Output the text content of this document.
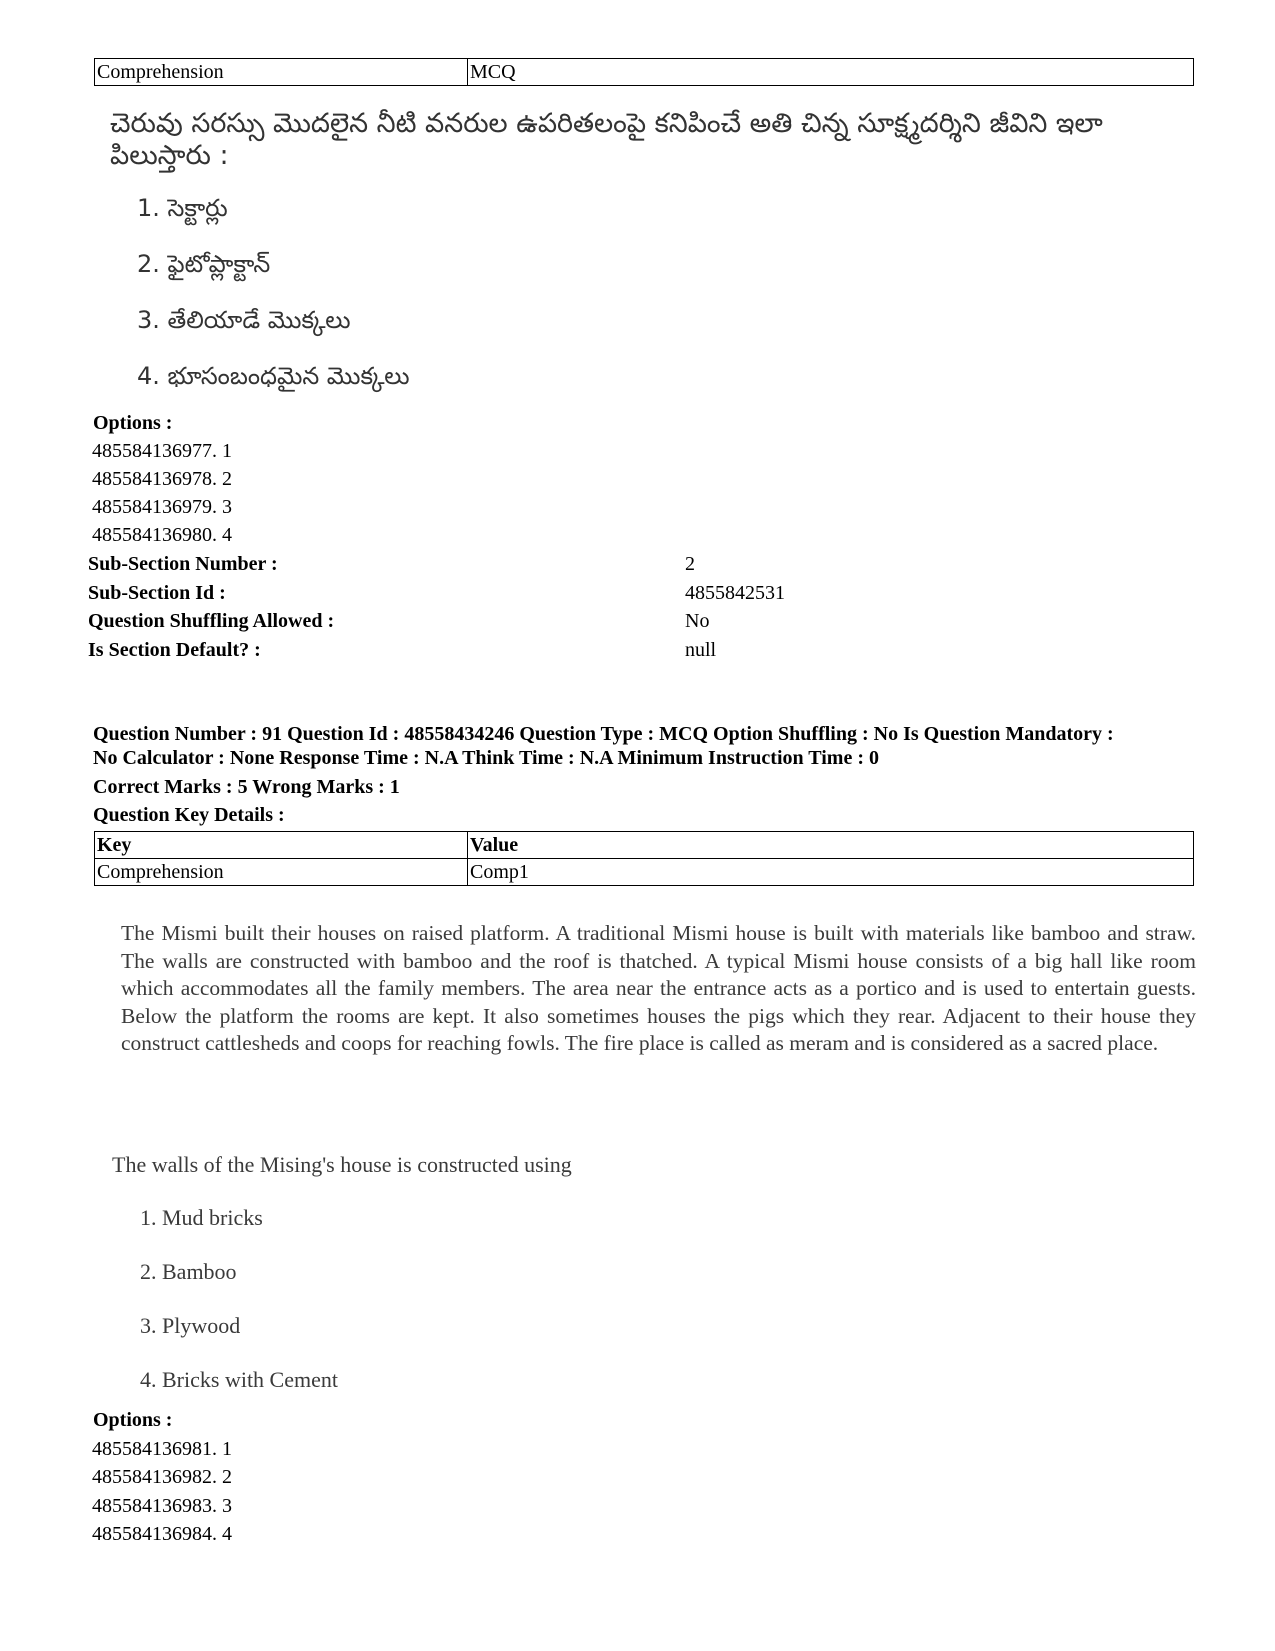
Comprehension	MCQ
చెరువు సరస్సు మొదలైన నీటి వనరుల ఉపరితలంపై కనిపించే అతి చిన్న సూక్ష్మదర్శిని జీవిని ఇలా పిలుస్తారు :
1. సెక్టార్లు
2. ఫైటోప్లాక్టాన్
3. తేలియాడే మొక్కలు
4. భూసంబంధమైన మొక్కలు
Options :
485584136977. 1
485584136978. 2
485584136979. 3
485584136980. 4
Sub-Section Number :	2
Sub-Section Id :	4855842531
Question Shuffling Allowed :	No
Is Section Default? :	null
Question Number : 91 Question Id : 48558434246 Question Type : MCQ Option Shuffling : No Is Question Mandatory :
No Calculator : None Response Time : N.A Think Time : N.A Minimum Instruction Time : 0
Correct Marks : 5 Wrong Marks : 1
Question Key Details :
Key	Value
Comprehension	Comp1
The Mismi built their houses on raised platform. A traditional Mismi house is built with materials like bamboo and straw. The walls are constructed with bamboo and the roof is thatched. A typical Mismi house consists of a big hall like room which accommodates all the family members. The area near the entrance acts as a portico and is used to entertain guests. Below the platform the rooms are kept. It also sometimes houses the pigs which they rear. Adjacent to their house they construct cattlesheds and coops for reaching fowls. The fire place is called as meram and is considered as a sacred place.
The walls of the Mising's house is constructed using
1. Mud bricks
2. Bamboo
3. Plywood
4. Bricks with Cement
Options :
485584136981. 1
485584136982. 2
485584136983. 3
485584136984. 4
